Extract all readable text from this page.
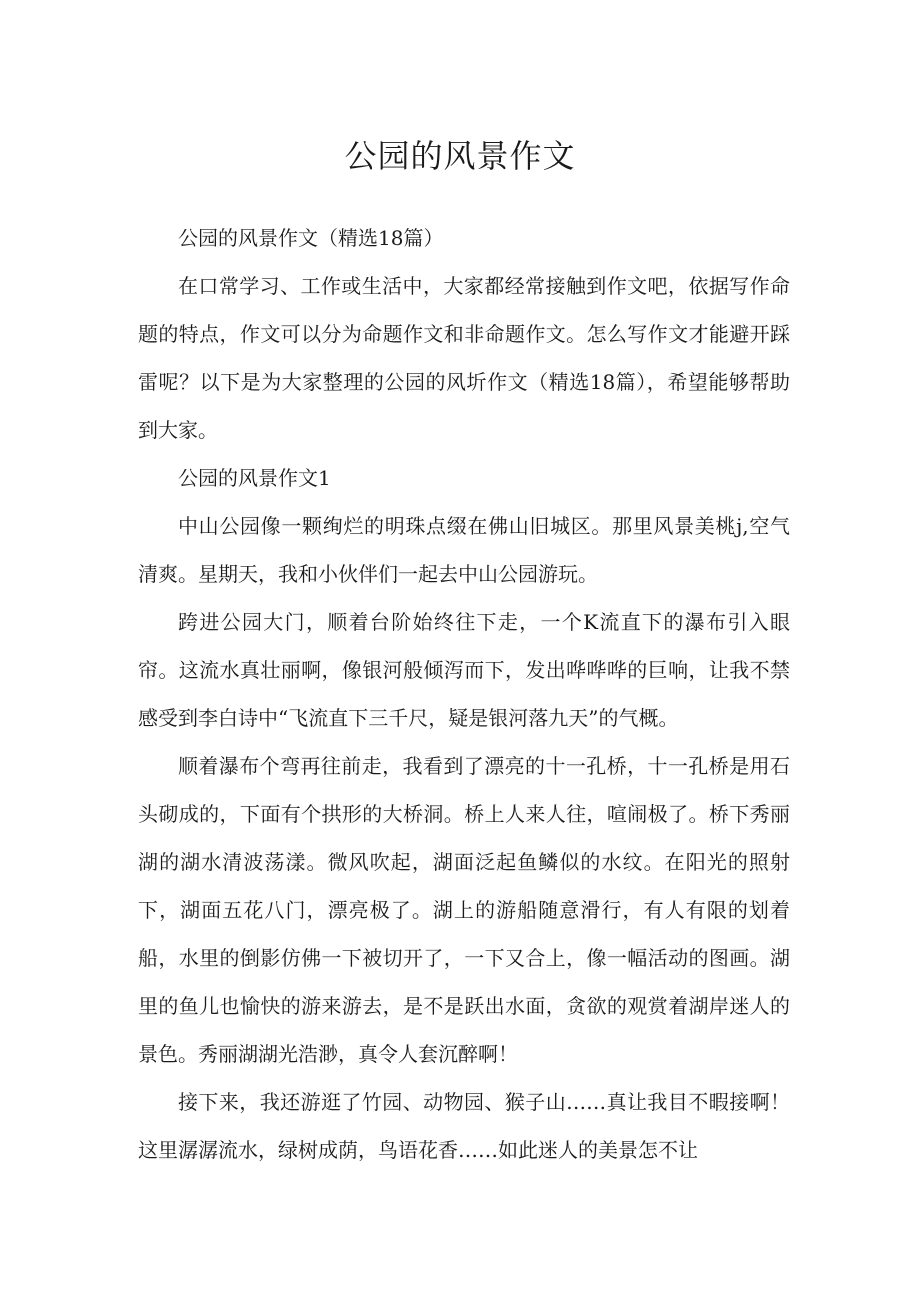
公园的风景作文

公园的风景作文（精选18篇）

在口常学习、工作或生活中，大家都经常接触到作文吧，依据写作命题的特点，作文可以分为命题作文和非命题作文。怎么写作文才能避开踩雷呢？以下是为大家整理的公园的风圻作文（精选18篇），希望能够帮助到大家。

公园的风景作文1

中山公园像一颗绚烂的明珠点缀在佛山旧城区。那里风景美桃j,空气清爽。星期天，我和小伙伴们一起去中山公园游玩。

跨进公园大门，顺着台阶始终往下走，一个K流直下的瀑布引入眼帘。这流水真壮丽啊，像银河般倾泻而下，发出哗哗哗的巨响，让我不禁感受到李白诗中“飞流直下三千尺，疑是银河落九天”的气概。

顺着瀑布个弯再往前走，我看到了漂亮的十一孔桥，十一孔桥是用石头砌成的，下面有个拱形的大桥洞。桥上人来人往，喧闹极了。桥下秀丽湖的湖水清波荡漾。微风吹起，湖面泛起鱼鳞似的水纹。在阳光的照射下，湖面五花八门，漂亮极了。湖上的游船随意滑行，有人有限的划着船，水里的倒影仿佛一下被切开了，一下又合上，像一幅活动的图画。湖里的鱼儿也愉快的游来游去，是不是跃出水面，贪欲的观赏着湖岸迷人的景色。秀丽湖湖光浩渺，真令人套沉醉啊！

接下来，我还游逛了竹园、动物园、猴子山……真让我目不暇接啊！这里潺潺流水，绿树成荫，鸟语花香……如此迷人的美景怎不让
